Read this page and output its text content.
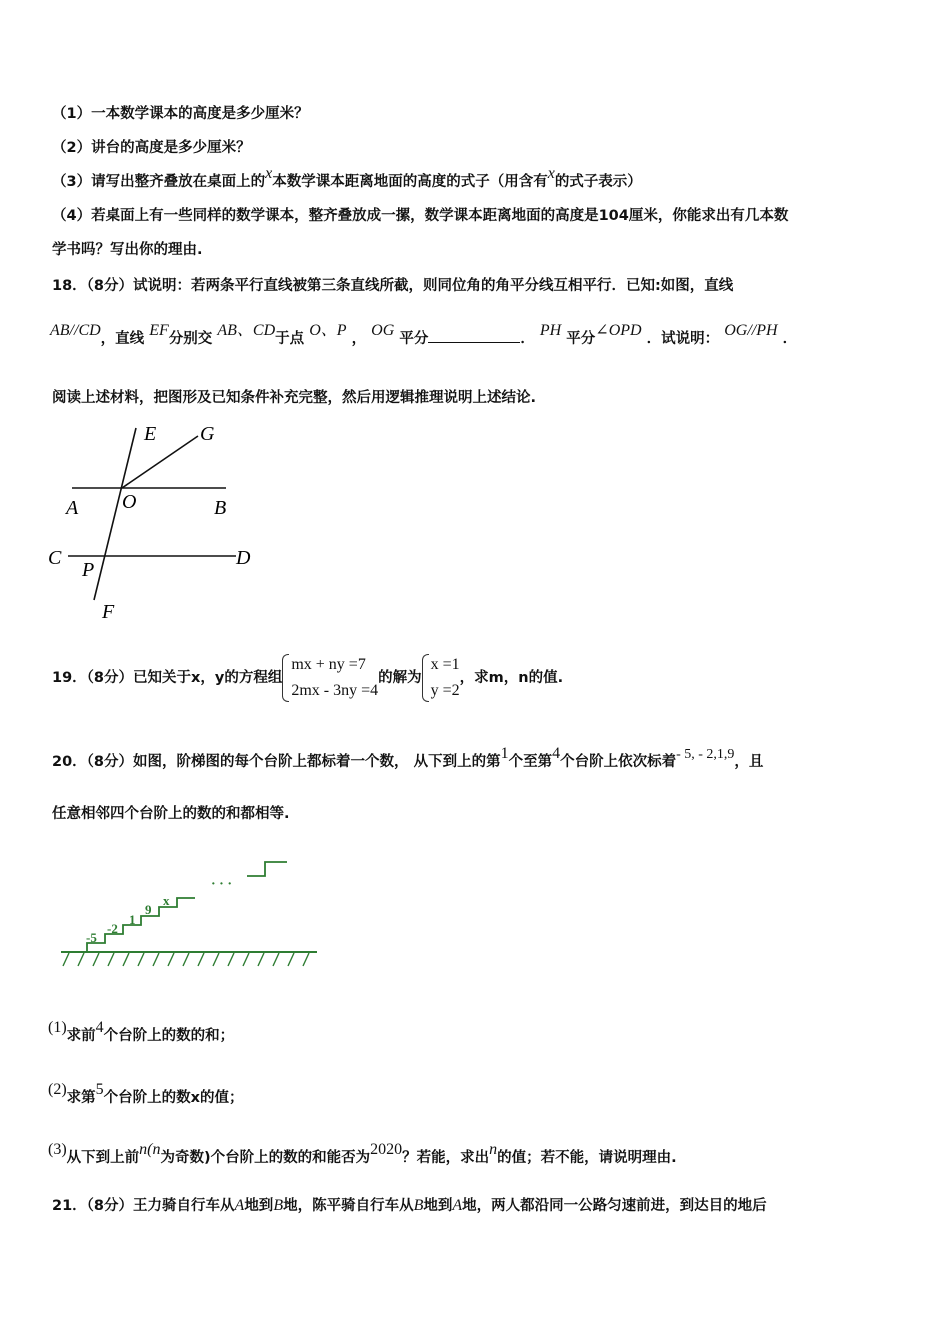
（1）一本数学课本的高度是多少厘米？
（2）讲台的高度是多少厘米？
（3）请写出整齐叠放在桌面上的x本数学课本距离地面的高度的式子（用含有x的式子表示）
（4）若桌面上有一些同样的数学课本，整齐叠放成一摞，数学课本距离地面的高度是104厘米，你能求出有几本数
学书吗？写出你的理由.
18．（8分）试说明：若两条平行直线被第三条直线所截，则同位角的角平分线互相平行．已知:如图，直线
AB//CD，直线 EF分别交 AB、CD于点 O、P ， OG 平分	． PH 平分∠OPD ．试说明： OG//PH ．
阅读上述材料，把图形及已知条件补充完整，然后用逻辑推理说明上述结论.
E G
A O	B
C
P
D
F
19．（8分）已知关于x，y的方程组
mx + ny =7
2mx - 3ny =4
的解为
x =1
y =2
，求m，n的值.
20．（8分）如图，阶梯图的每个台阶上都标着一个数， 从下到上的第1个至第4个台阶上依次标着- 5, - 2,1,9，且
任意相邻四个台阶上的数的和都相等.
-5
-2
1
9
x
· · ·
(1)求前4个台阶上的数的和；
(2)求第5个台阶上的数x的值；
(3)从下到上前n(n为奇数)个台阶上的数的和能否为2020？若能，求出n的值；若不能，请说明理由.
21．（8分）王力骑自行车从A地到B地，陈平骑自行车从B地到A地，两人都沿同一公路匀速前进，到达目的地后
